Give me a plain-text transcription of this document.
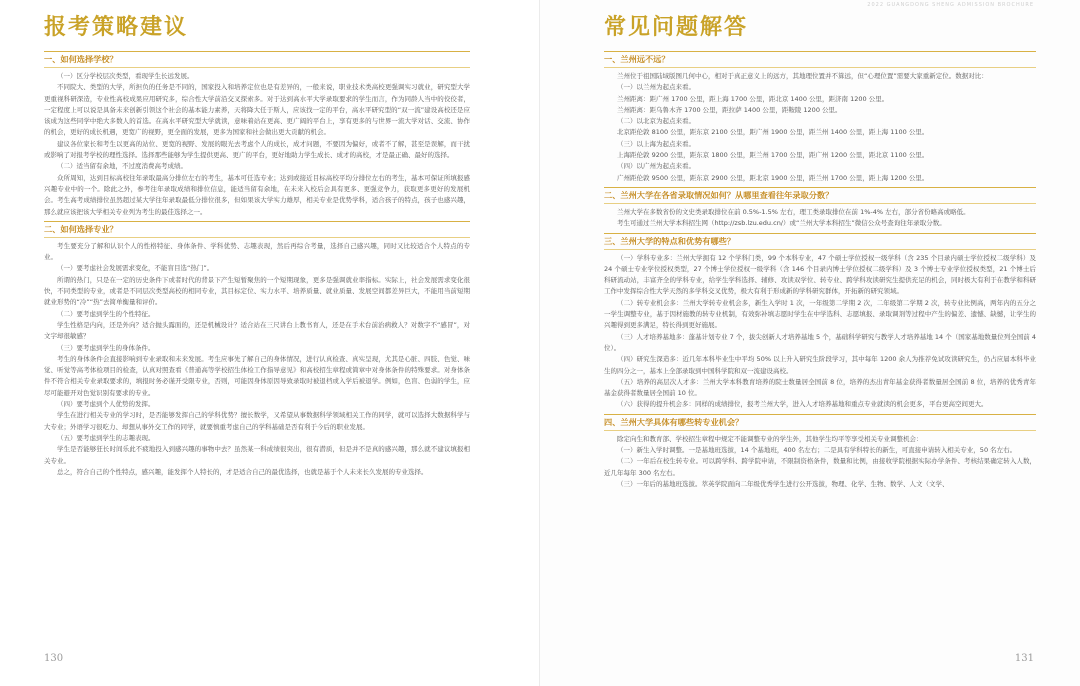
报考策略建议
一、如何选择学校？

（一）区分学校层次类型，看现学生长远发展。

不同院大、类型的大学，所担负的任务是不同的，国家投入和培养定位也是有差异的，一般来说，职业技术类高校更强调实习就业，研究型大学更重视科研深造，专业性高校成果应用研究多，综合性大学前沿交叉探索多。对于达到高水平大学录取要求的学生而言，作为同龄人当中的佼佼者，一定程度上可以说是具备未来创新引领这个社会的基本能力素养，天将降大任于斯人，应该找一定的平台，高水平研究型的“双一流”建设高校还是应该成为这些同学中绝大多数人的首选。在高水平研究型大学就读，意味着站在更高、更广阔的平台上，享有更多的与世界一流大学对话、交流、协作的机会，更好的成长机遇，更宽广的视野，更全面的发展，更多为国家和社会做出更大贡献的机会。

建议各位家长和考生以更高的站位、更宽的视野、发展的眼光去考虑个人的成长，成才问题，不要因为偏好，或者不了解，甚至是误解，而干扰或影响了对报考学校的理性选择。选择那些能够为学生提供更高、更广的平台，更好地助力学生成长、成才的高校，才是最正确、最好的选择。

（二）适当留有余地，不过度消费高考成绩。

众所周知，达到目标高校往年录取最高分排位左右的考生，基本可任选专业；达到或接近目标高校平均分排位左右的考生，基本可保证所填报感兴趣专业中的一个。除此之外，参考往年录取成绩和排位信息，能适当留有余地，在未来入校后会具有更多、更强竞争力，获取更多更好的发展机会。考生高考成绩排位虽然超过某大学往年录取最低分排位很多，但如果该大学实力雄厚，相关专业是优势学科，适合孩子的特点，孩子也感兴趣，那么就应该把该大学相关专业列为考生的最佳选择之一。

二、如何选择专业？

考生要充分了解和认识个人的性格特征、身体条件、学科优势、志趣表现，然后再综合考量，选择自己感兴趣，同时又比较适合个人特点的专业。

（一）要考虑社会发展需求变化，不能盲目选“热门”。

所谓的热门，只是在一定的历史条件下或者时代的背景下产生短暂聚焦的一个短期现象，更多是强调就业率指标。实际上，社会发展需求变化很快，不同类型的专业，或者是不同层次类型高校的相同专业，其目标定位、实力水平、培养质量、就业质量、发展空间都差异巨大，不能用当前短期就业形势的“冷”“热”去简单衡量和评价。

（二）要考虑到学生的个性特征。

学生性格是内向，还是外向？适合抛头露面的，还是机械设计？适合站在三尺讲台上教书育人，还是在手术台前治病救人？对数字不“感冒”，对文字却很敏感？

（三）要考虑到学生的身体条件。

考生的身体条件会直接影响到专业录取和未来发展。考生应事先了解自己的身体情况，进行认真检查、真实呈现，尤其是心脏、四肢、色觉、味觉、听觉等高考体检项目的检查，认真对照查看《普通高等学校招生体检工作指导意见》和高校招生章程或简章中对身体条件的特殊要求。对身体条件不符合相关专业录取要求的，填报时务必谨开受限专业，否则，可能因身体原因导致录取时被退档或入学后被退学。例如，色盲、色弱的学生，应尽可能避开对色觉识别有要求的专业。

（四）要考虑到个人优势的发挥。

学生在进行相关专业的学习时，是否能够发挥自己的学科优势？擅长数学，又希望从事数据科学领域相关工作的同学，就可以选择大数据科学与大专业；外语学习很吃力、却想从事外交工作的同学，就要慎重考虑自己的学科基础是否有利于今后的职业发展。

（五）要考虑到学生的志趣表现。

学生是否能够狂长时间乐此不疲地投入到感兴趣的事物中去？虽然某一科成绩很突出，很有潜质，但是并不是真的感兴趣，那么就不建议填报相关专业。

总之，符合自己的个性特点，感兴趣，能发挥个人特长的，才是适合自己的最优选择，也就是基于个人未来长久发展的专业选择。

130
2022 GUANGDONG SHENG ADMISSION BROCHURE
常见问题解答
一、兰州远不远？

兰州位于祖国陆域版图几何中心，相对于真正意义上的远方，其地理位置并不算远，但“心理位置”需要大家重新定位。数据对比：

（一）以兰州为起点来看。

兰州距离：距广州 1700 公里，距上海 1700 公里，距北京 1400 公里，距济南 1200 公里。

兰州距离：距乌鲁木齐 1700 公里，距拉萨 1400 公里，距鞍陵 1200 公里。

（二）以北京为起点来看。

北京距伦敦 8100 公里，距东京 2100 公里，距广州 1900 公里，距兰州 1400 公里，距上海 1100 公里。

（三）以上海为起点来看。

上海距伦敦 9200 公里，距东京 1800 公里，距兰州 1700 公里，距广州 1200 公里，距北京 1100 公里。

（四）以广州为起点来看。

广州距伦敦 9500 公里，距东京 2900 公里，距北京 1900 公里，距兰州 1700 公里，距上海 1200 公里。

二、兰州大学在各省录取情况如何？从哪里查看往年录取分数？

兰州大学在多数省份的文史类录取排位在前 0.5%-1.5% 左右，理工类录取排位在前 1%-4% 左右，部分省份略高或略低。

考生可通过兰州大学本科招生网（http://zsb.lzu.edu.cn/）或“兰州大学本科招生”微信公众号查询往年录取分数。

三、兰州大学的特点和优势有哪些？

（一）学科专业多：兰州大学拥有 12 个学科门类，99 个本科专业，47 个硕士学位授权一级学科（含 235 个目录内硕士学位授权二级学科）及 24 个硕士专业学位授权类型，27 个博士学位授权一级学科（含 146 个目录内博士学位授权二级学科）及 3 个博士专业学位授权类型，21 个博士后科研流动站，丰富齐全的学科专业，给学生学科选择、辅修、攻读双学位、转专业、跨学科攻读研究生提供充足的机会，同时极大有利于在教学和科研工作中发挥综合性大学天然的多学科交叉优势，极大有利于形成新的学科研究群体，开拓新的研究领域。

（二）转专业机会多：兰州大学转专业机会多，新生入学时 1 次，一年级第二学期 2 次，二年级第二学期 2 次，转专业比例高，两年内的五分之一学生调整专业，基于因材施教的转专业机制，有效弥补填志愿时学生在中学选科、志愿填报、录取调剂等过程中产生的偏差、遗憾、缺憾，让学生的兴趣得到更多满足，特长得到更好施展。

（三）人才培养基地多：蓬基计划专业 7 个，拔尖创新人才培养基地 5 个，基础科学研究与教学人才培养基地 14 个（国家基地数量位列全国前 4 位）。

（四）研究生深造多：近几年本科毕业生中平均 50% 以上升入研究生阶段学习，其中每年 1200 余人为推荐免试攻读研究生，仍占应届本科毕业生的四分之一，基本上全部录取到中国科学院和双一流建设高校。

（五）培养的高层次人才多：兰州大学本科教育培养的院士数量居全国前 8 位，培养的杰出青年基金获得者数量居全国前 8 位，培养的优秀青年基金获得者数量居全国前 10 位。

（六）获得的提升机会多：同样的成绩排位，报考兰州大学，进入人才培养基地和重点专业就读的机会更多，平台更高空间更大。

四、兰州大学具体有哪些转专业机会？

除定向生和教育部、学校招生章程中规定不能调整专业的学生外，其他学生均平等享受相关专业调整机会：

（一）新生入学时调整。一是基地班选拔，14 个基地班，400 名左右；二是具有学科特长的新生，可直接申请转入相关专业，50 名左右。

（二）一年后在校生转专业。可以跨学科、跨学院申请，不限制资格条件，数量和比例，由接收学院根据实际办学条件、考核结果确定转入人数，近几年每年 300 名左右。

（三）一年后的基地班选拔。萃英学院面向二年级优秀学生进行公开选拔，物理、化学、生物、数学、人文（文学、

131
